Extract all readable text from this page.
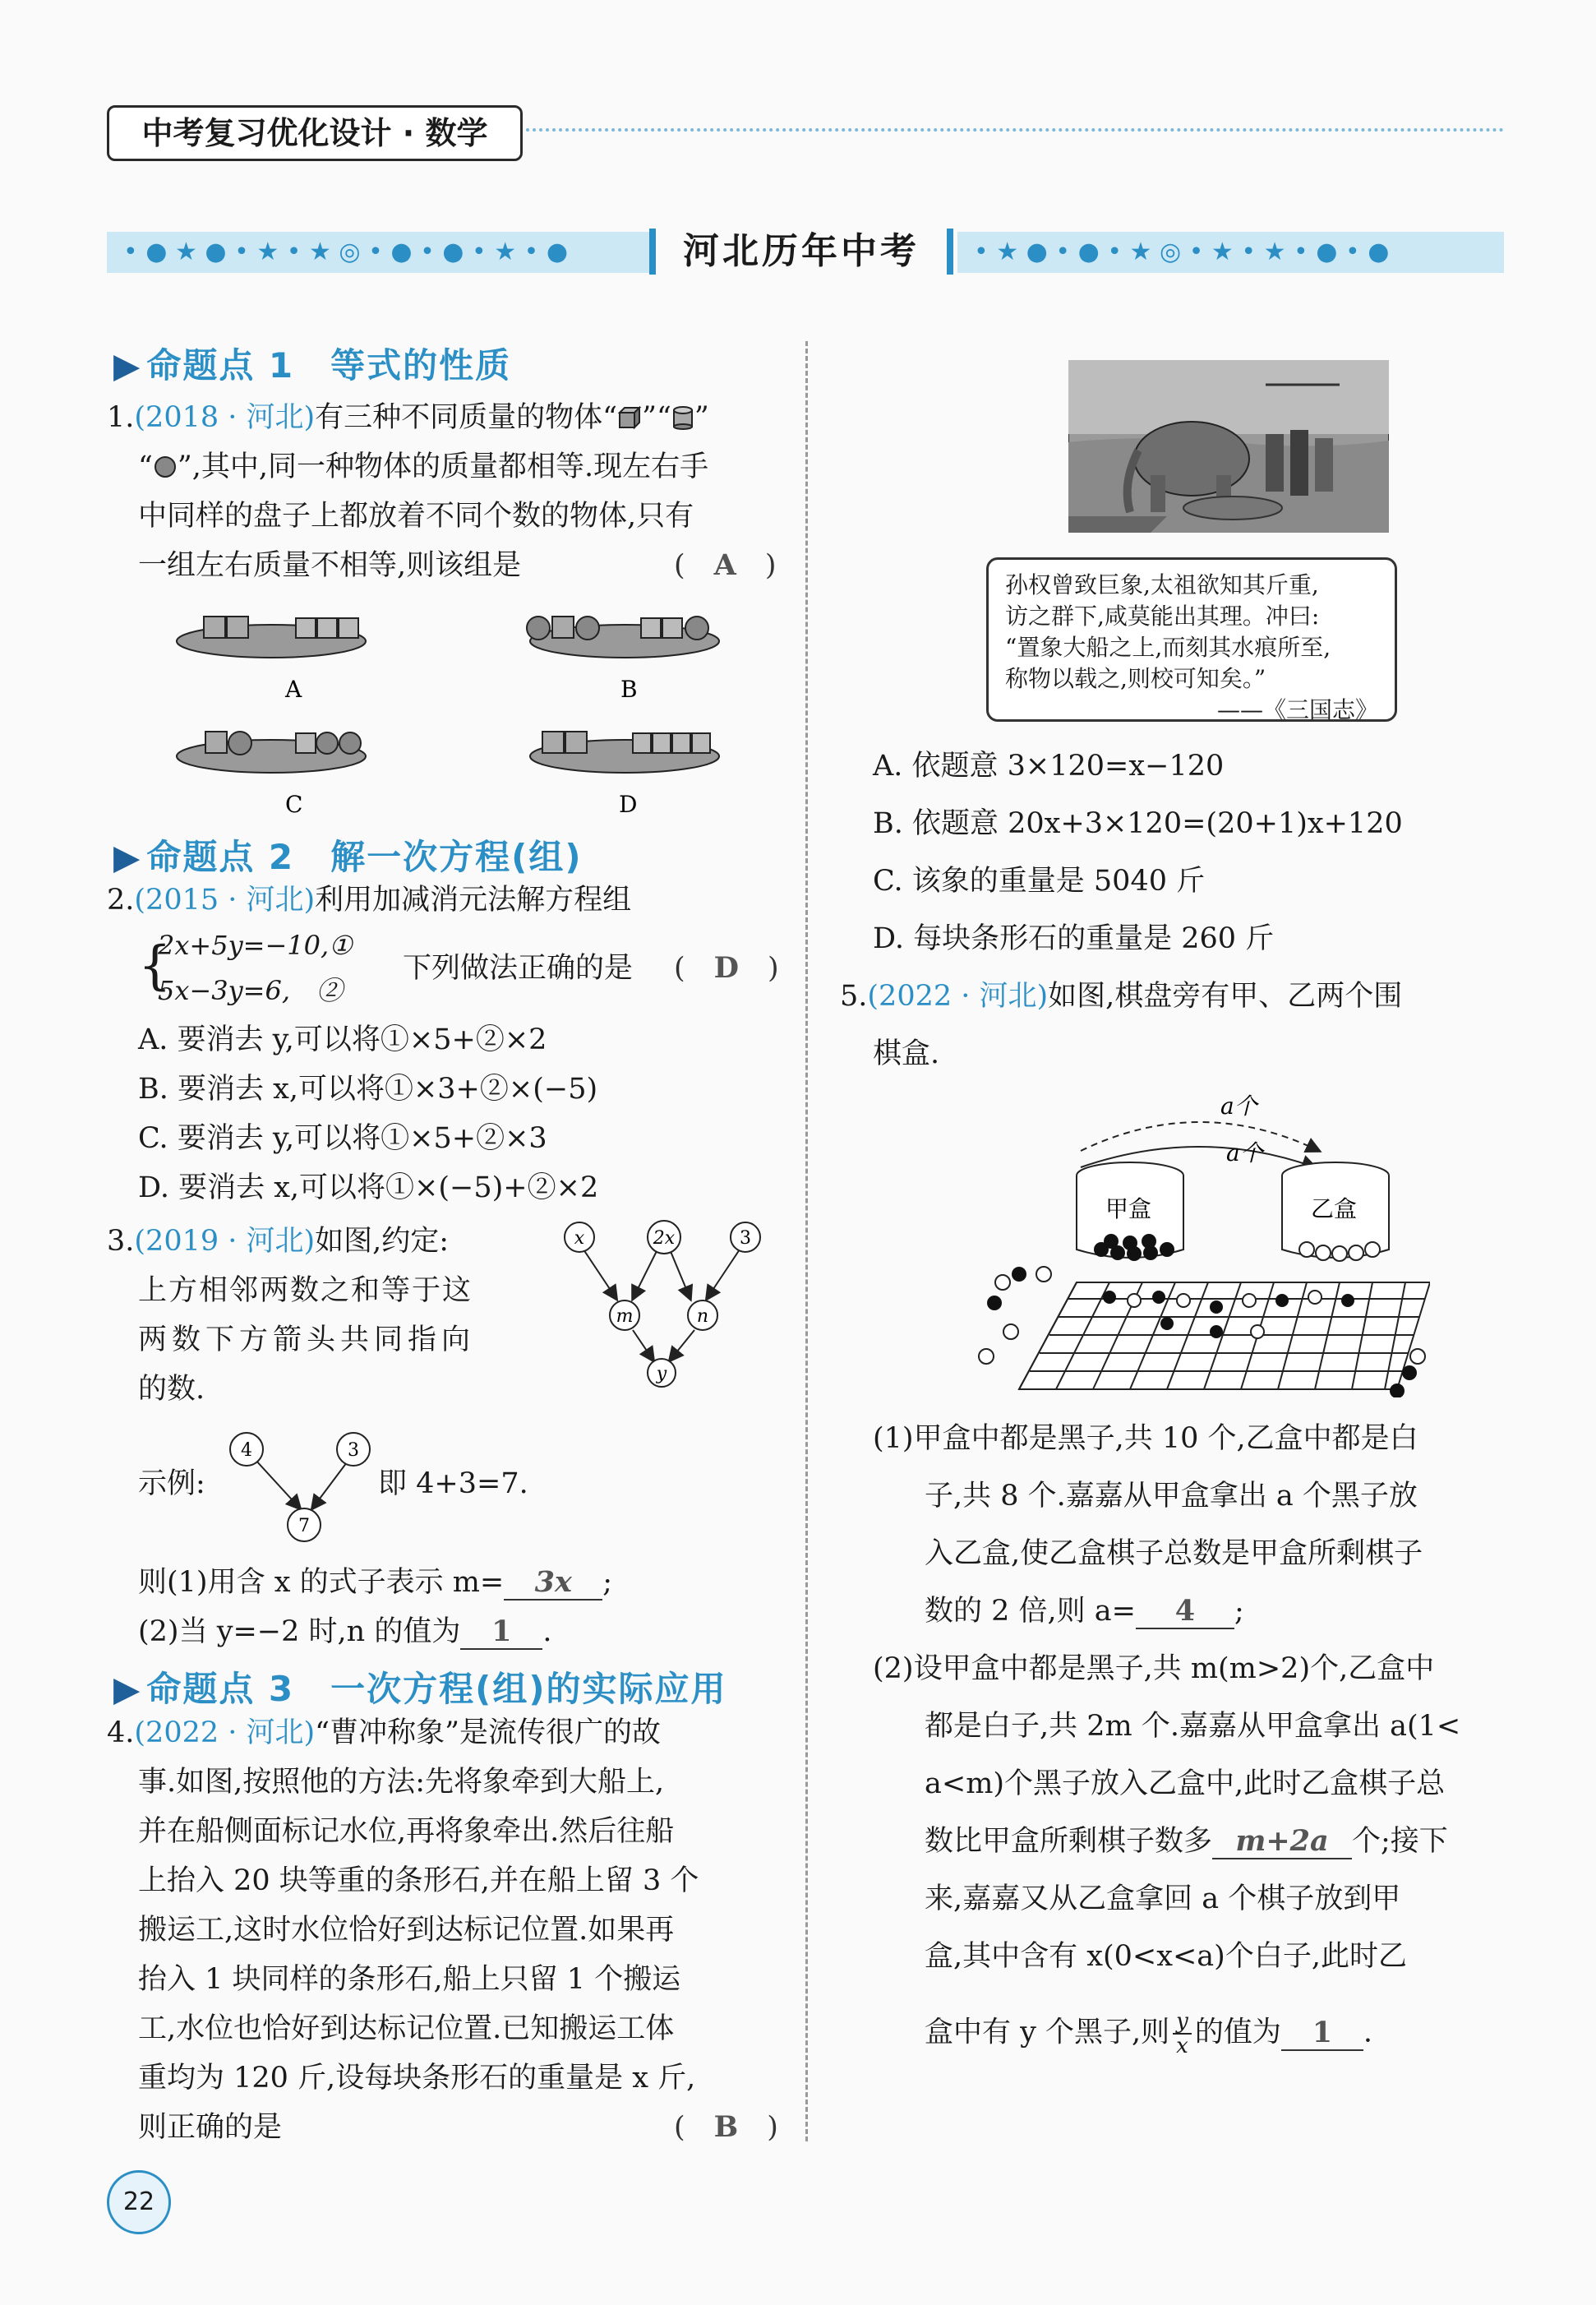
中考复习优化设计 · 数学
• ● ★ ● • ★ • ★ ◎ • ● • ● • ★ • ●	河北历年中考	• ★ ● • ● • ★ ◎ • ★ • ★ • ● • ●
▶ 命题点 1　等式的性质
1.(2018 · 河北)有三种不同质量的物体“ ”“ ”
“ ”,其中,同一种物体的质量都相等.现左右手
中同样的盘子上都放着不同个数的物体,只有
一组左右质量不相等,则该组是	(　A　)
A	B
C	D
▶ 命题点 2　解一次方程(组)
2.(2015 · 河北)利用加减消元法解方程组
{
2x+5y=−10,①
5x−3y=6,　②
下列做法正确的是 (　D　)
A. 要消去 y,可以将①×5+②×2
B. 要消去 x,可以将①×3+②×(−5)
C. 要消去 y,可以将①×5+②×3
D. 要消去 x,可以将①×(−5)+②×2
3.(2019 · 河北)如图,约定:
上方相邻两数之和等于这
两数下方箭头共同指向
的数.
x	2x	3
m	n
y
示例:
4	3
7
即 4+3=7.
则(1)用含 x 的式子表示 m= 3x ;
(2)当 y=−2 时,n 的值为 1 .
▶ 命题点 3　一次方程(组)的实际应用
4.(2022 · 河北)“曹冲称象”是流传很广的故
事.如图,按照他的方法:先将象牵到大船上,
并在船侧面标记水位,再将象牵出.然后往船
上抬入 20 块等重的条形石,并在船上留 3 个
搬运工,这时水位恰好到达标记位置.如果再
抬入 1 块同样的条形石,船上只留 1 个搬运
工,水位也恰好到达标记位置.已知搬运工体
重均为 120 斤,设每块条形石的重量是 x 斤,
则正确的是	(　B　)
22
孙权曾致巨象,太祖欲知其斤重,
访之群下,咸莫能出其理。冲曰:
“置象大船之上,而刻其水痕所至,
称物以载之,则校可知矣。”
——《三国志》
A. 依题意 3×120=x−120
B. 依题意 20x+3×120=(20+1)x+120
C. 该象的重量是 5040 斤
D. 每块条形石的重量是 260 斤
5.(2022 · 河北)如图,棋盘旁有甲、乙两个围
棋盒.
a个
a个
甲盒	乙盒
(1)甲盒中都是黑子,共 10 个,乙盒中都是白
子,共 8 个.嘉嘉从甲盒拿出 a 个黑子放
入乙盒,使乙盒棋子总数是甲盒所剩棋子
数的 2 倍,则 a= 4 ;
(2)设甲盒中都是黑子,共 m(m>2)个,乙盒中
都是白子,共 2m 个.嘉嘉从甲盒拿出 a(1<
a<m)个黑子放入乙盒中,此时乙盒棋子总
数比甲盒所剩棋子数多 m+2a 个;接下
来,嘉嘉又从乙盒拿回 a 个棋子放到甲
盒,其中含有 x(0<x<a)个白子,此时乙
盒中有 y 个黑子,则 $\frac{y}{x}$ 的值为 1 .
